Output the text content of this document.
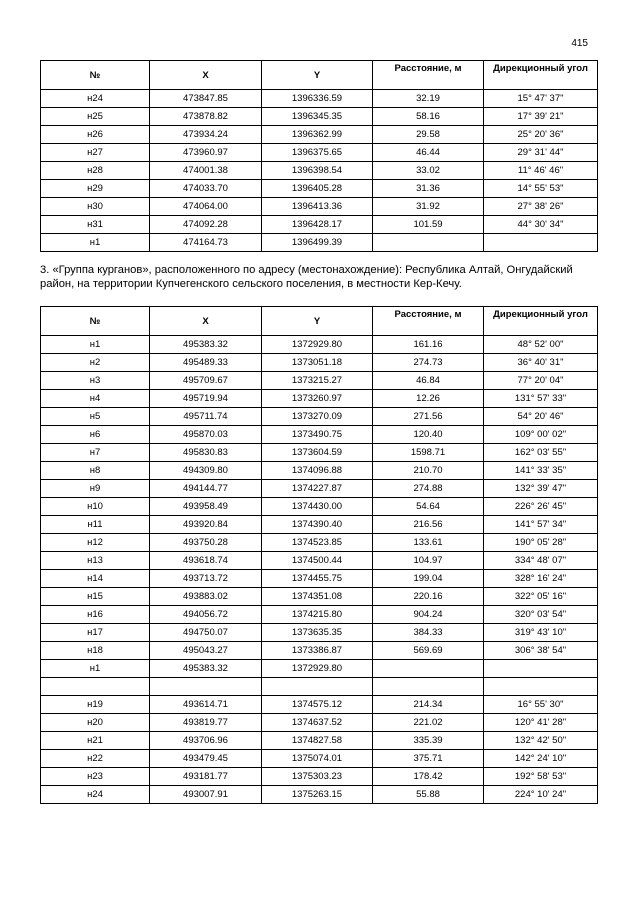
415
№	X	Y	Расстояние, м	Дирекционный угол
н24	473847.85	1396336.59	32.19	15° 47' 37"
н25	473878.82	1396345.35	58.16	17° 39' 21"
н26	473934.24	1396362.99	29.58	25° 20' 36"
н27	473960.97	1396375.65	46.44	29° 31' 44"
н28	474001.38	1396398.54	33.02	11° 46' 46"
н29	474033.70	1396405.28	31.36	14° 55' 53"
н30	474064.00	1396413.36	31.92	27° 38' 26"
н31	474092.28	1396428.17	101.59	44° 30' 34"
н1	474164.73	1396499.39		
3. «Группа курганов», расположенного по адресу (местонахождение): Республика Алтай, Онгудайский район, на территории Купчегенского сельского поселения, в местности Кер-Кечу.
№	X	Y	Расстояние, м	Дирекционный угол
н1	495383.32	1372929.80	161.16	48° 52' 00"
н2	495489.33	1373051.18	274.73	36° 40' 31"
н3	495709.67	1373215.27	46.84	77° 20' 04"
н4	495719.94	1373260.97	12.26	131° 57' 33"
н5	495711.74	1373270.09	271.56	54° 20' 46"
н6	495870.03	1373490.75	120.40	109° 00' 02"
н7	495830.83	1373604.59	1598.71	162° 03' 55"
н8	494309.80	1374096.88	210.70	141° 33' 35"
н9	494144.77	1374227.87	274.88	132° 39' 47"
н10	493958.49	1374430.00	54.64	226° 26' 45"
н11	493920.84	1374390.40	216.56	141° 57' 34"
н12	493750.28	1374523.85	133.61	190° 05' 28"
н13	493618.74	1374500.44	104.97	334° 48' 07"
н14	493713.72	1374455.75	199.04	328° 16' 24"
н15	493883.02	1374351.08	220.16	322° 05' 16"
н16	494056.72	1374215.80	904.24	320° 03' 54"
н17	494750.07	1373635.35	384.33	319° 43' 10"
н18	495043.27	1373386.87	569.69	306° 38' 54"
н1	495383.32	1372929.80		

н19	493614.71	1374575.12	214.34	16° 55' 30"
н20	493819.77	1374637.52	221.02	120° 41' 28"
н21	493706.96	1374827.58	335.39	132° 42' 50"
н22	493479.45	1375074.01	375.71	142° 24' 10"
н23	493181.77	1375303.23	178.42	192° 58' 53"
н24	493007.91	1375263.15	55.88	224° 10' 24"
